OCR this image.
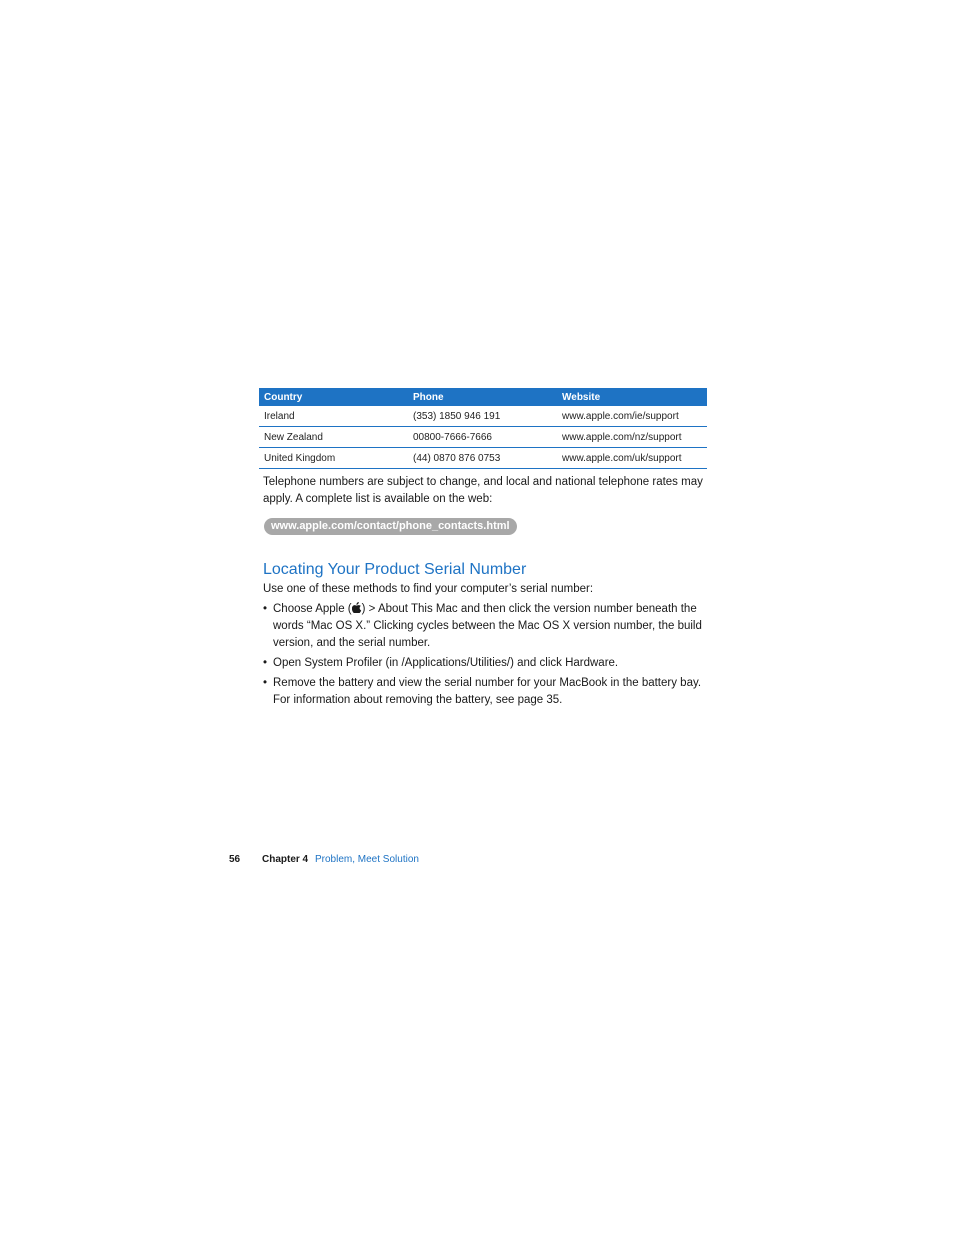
Country	Phone	Website
Ireland	(353) 1850 946 191	www.apple.com/ie/support
New Zealand	00800-7666-7666	www.apple.com/nz/support
United Kingdom	(44) 0870 876 0753	www.apple.com/uk/support

Telephone numbers are subject to change, and local and national telephone rates may apply. A complete list is available on the web:

www.apple.com/contact/phone_contacts.html
Locating Your Product Serial Number

Use one of these methods to find your computer’s serial number:

• Choose Apple ( ) > About This Mac and then click the version number beneath the words “Mac OS X.” Clicking cycles between the Mac OS X version number, the build version, and the serial number.
• Open System Profiler (in /Applications/Utilities/) and click Hardware.
• Remove the battery and view the serial number for your MacBook in the battery bay. For information about removing the battery, see page 35.
56 Chapter 4 Problem, Meet Solution
